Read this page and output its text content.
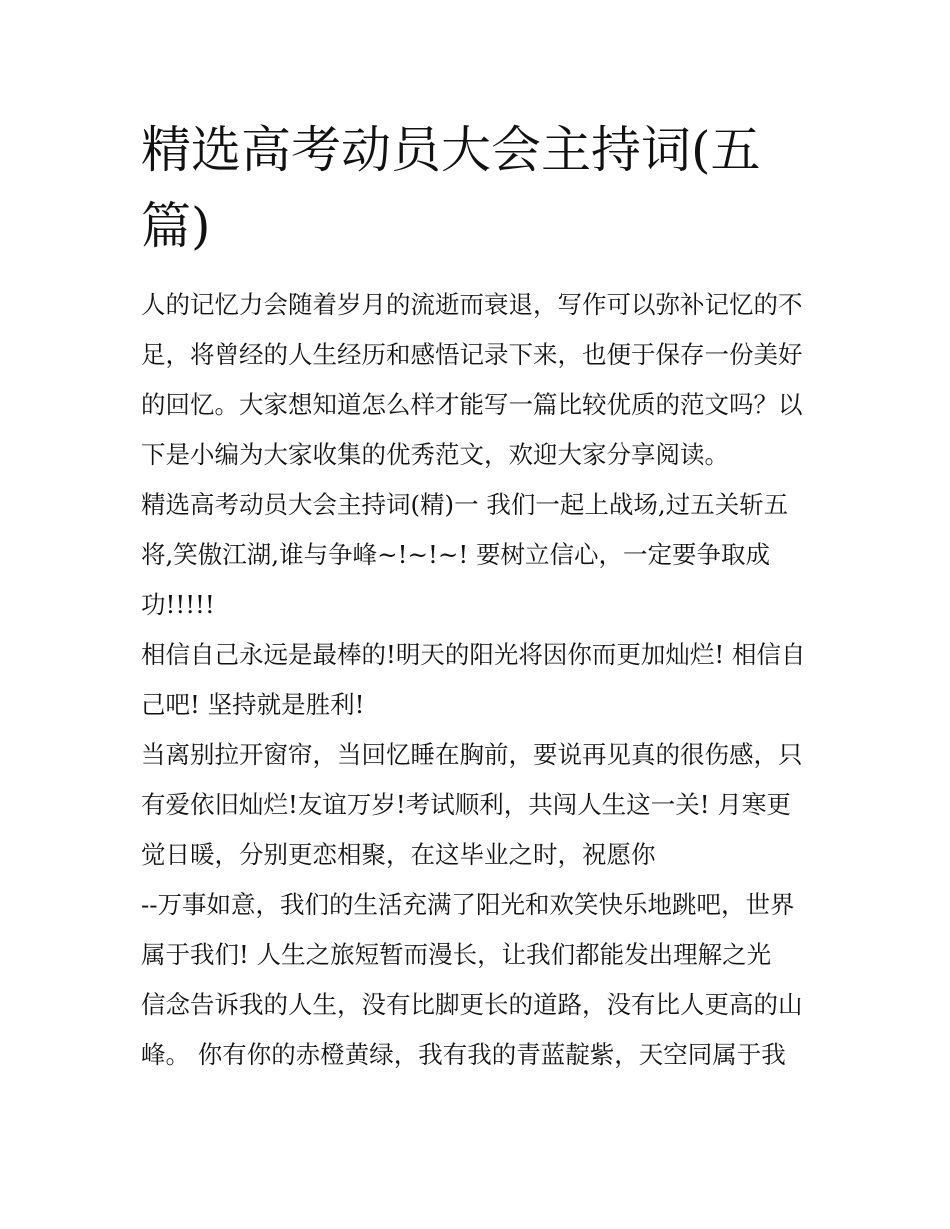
精选高考动员大会主持词(五
篇)

人的记忆力会随着岁月的流逝而衰退，写作可以弥补记忆的不

足，将曾经的人生经历和感悟记录下来，也便于保存一份美好

的回忆。大家想知道怎么样才能写一篇比较优质的范文吗？以

下是小编为大家收集的优秀范文，欢迎大家分享阅读。

精选高考动员大会主持词(精)一 我们一起上战场,过五关斩五

将,笑傲江湖,谁与争峰~!~!~! 要树立信心，一定要争取成

功!!!!!

相信自己永远是最棒的!明天的阳光将因你而更加灿烂! 相信自

己吧! 坚持就是胜利!

当离别拉开窗帘，当回忆睡在胸前，要说再见真的很伤感，只

有爱依旧灿烂!友谊万岁!考试顺利，共闯人生这一关! 月寒更

觉日暖，分别更恋相聚，在这毕业之时，祝愿你

--万事如意，我们的生活充满了阳光和欢笑快乐地跳吧，世界

属于我们! 人生之旅短暂而漫长，让我们都能发出理解之光

信念告诉我的人生，没有比脚更长的道路，没有比人更高的山

峰。 你有你的赤橙黄绿，我有我的青蓝靛紫，天空同属于我
